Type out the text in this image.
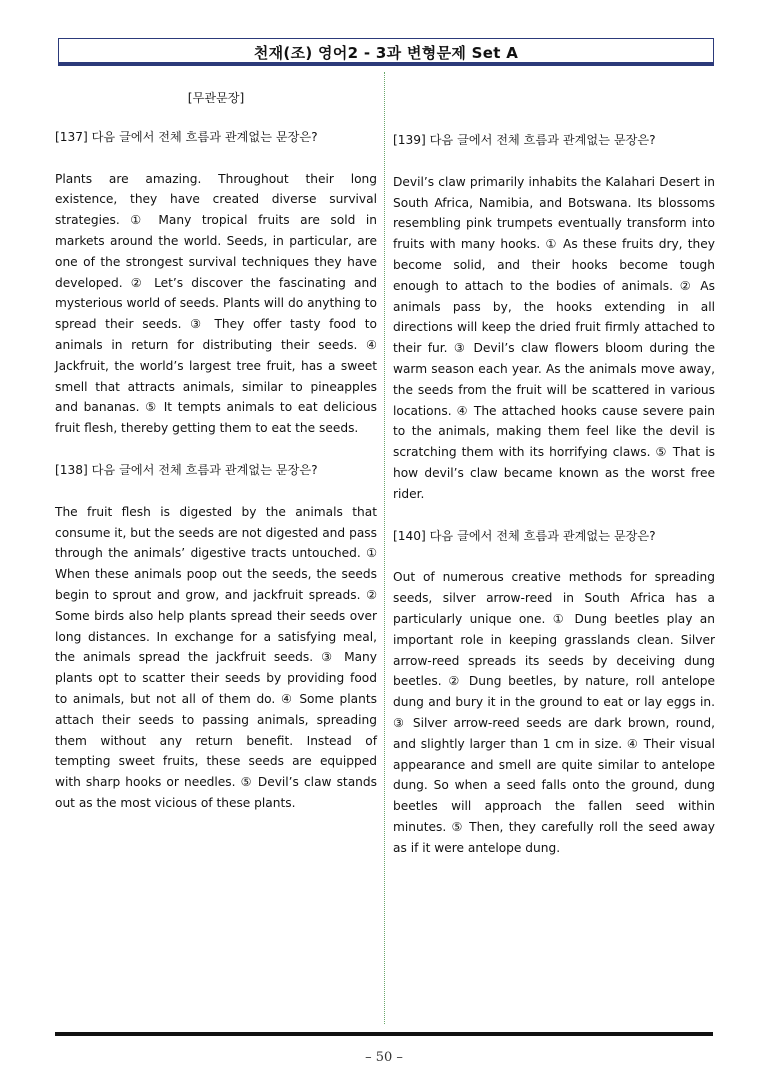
천재(조) 영어2 - 3과 변형문제 Set A
[무관문장]
[137] 다음 글에서 전체 흐름과 관계없는 문장은?
Plants are amazing. Throughout their long existence, they have created diverse survival strategies. ① Many tropical fruits are sold in markets around the world. Seeds, in particular, are one of the strongest survival techniques they have developed. ② Let’s discover the fascinating and mysterious world of seeds. Plants will do anything to spread their seeds. ③ They offer tasty food to animals in return for distributing their seeds. ④ Jackfruit, the world’s largest tree fruit, has a sweet smell that attracts animals, similar to pineapples and bananas. ⑤ It tempts animals to eat delicious fruit flesh, thereby getting them to eat the seeds.
[138] 다음 글에서 전체 흐름과 관계없는 문장은?
The fruit flesh is digested by the animals that consume it, but the seeds are not digested and pass through the animals’ digestive tracts untouched. ① When these animals poop out the seeds, the seeds begin to sprout and grow, and jackfruit spreads. ② Some birds also help plants spread their seeds over long distances. In exchange for a satisfying meal, the animals spread the jackfruit seeds. ③ Many plants opt to scatter their seeds by providing food to animals, but not all of them do. ④ Some plants attach their seeds to passing animals, spreading them without any return benefit. Instead of tempting sweet fruits, these seeds are equipped with sharp hooks or needles. ⑤ Devil’s claw stands out as the most vicious of these plants.
[139] 다음 글에서 전체 흐름과 관계없는 문장은?
Devil’s claw primarily inhabits the Kalahari Desert in South Africa, Namibia, and Botswana. Its blossoms resembling pink trumpets eventually transform into fruits with many hooks. ① As these fruits dry, they become solid, and their hooks become tough enough to attach to the bodies of animals. ② As animals pass by, the hooks extending in all directions will keep the dried fruit firmly attached to their fur. ③ Devil’s claw flowers bloom during the warm season each year. As the animals move away, the seeds from the fruit will be scattered in various locations. ④ The attached hooks cause severe pain to the animals, making them feel like the devil is scratching them with its horrifying claws. ⑤ That is how devil’s claw became known as the worst free rider.
[140] 다음 글에서 전체 흐름과 관계없는 문장은?
Out of numerous creative methods for spreading seeds, silver arrow-reed in South Africa has a particularly unique one. ① Dung beetles play an important role in keeping grasslands clean. Silver arrow-reed spreads its seeds by deceiving dung beetles. ② Dung beetles, by nature, roll antelope dung and bury it in the ground to eat or lay eggs in. ③ Silver arrow-reed seeds are dark brown, round, and slightly larger than 1 cm in size. ④ Their visual appearance and smell are quite similar to antelope dung. So when a seed falls onto the ground, dung beetles will approach the fallen seed within minutes. ⑤ Then, they carefully roll the seed away as if it were antelope dung.
– 50 –
